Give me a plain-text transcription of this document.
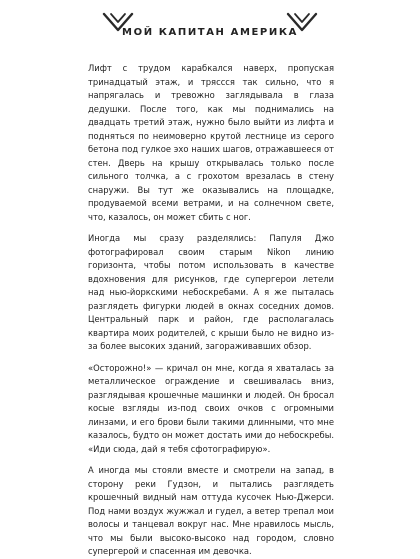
МОЙ КАПИТАН АМЕРИКА

Лифт с трудом карабкался наверх, пропуская тринадцатый этаж, и тряссся так сильно, что я напрягалась и тревожно заглядывала в глаза дедушки. После того, как мы поднимались на двадцать третий этаж, нужно было выйти из лифта и подняться по неимоверно крутой лестнице из серого бетона под гулкое эхо наших шагов, отражавшееся от стен. Дверь на крышу открывалась только после сильного толчка, а с грохотом врезалась в стену снаружи. Вы тут же оказывались на площадке, продуваемой всеми ветрами, и на солнечном свете, что, казалось, он может сбить с ног.

Иногда мы сразу разделялись: Папуля Джо фотографировал своим старым Nikon линию горизонта, чтобы потом использовать в качестве вдохновения для рисунков, где супергерои летели над нью-йоркскими небоскребами. А я же пыталась разглядеть фигурки людей в окнах соседних домов. Центральный парк и район, где располагалась квартира моих родителей, с крыши было не видно из-за более высоких зданий, загораживавших обзор.

«Осторожно!» — кричал он мне, когда я хваталась за металлическое ограждение и свешивалась вниз, разглядывая крошечные машинки и людей. Он бросал косые взгляды из-под своих очков с огромными линзами, и его брови были такими длинными, что мне казалось, будто он может достать ими до небоскребы. «Иди сюда, дай я тебя сфотографирую».

А иногда мы стояли вместе и смотрели на запад, в сторону реки Гудзон, и пытались разглядеть крошечный видный нам оттуда кусочек Нью-Джерси. Под нами воздух жужжал и гудел, а ветер трепал мои волосы и танцевал вокруг нас. Мне нравилось мысль, что мы были высоко-высоко над городом, словно супергерой и спасенная им девочка.
